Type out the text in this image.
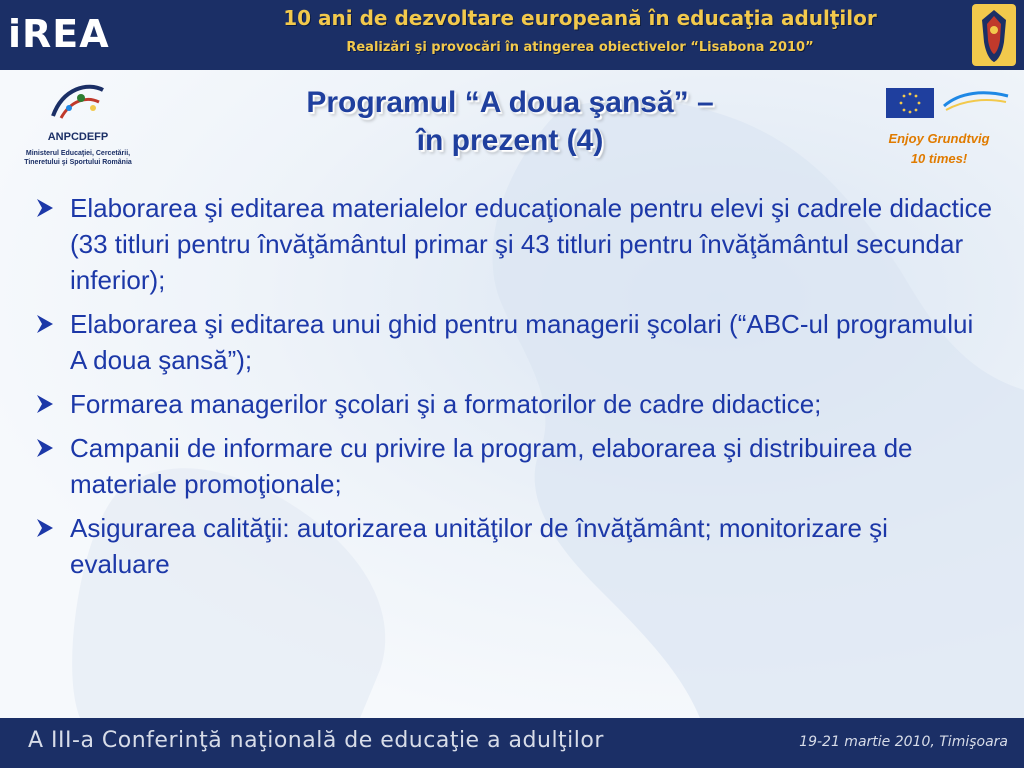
iREA	10 ani de dezvoltare europeană în educaţia adulţilor
Realizări şi provocări în atingerea obiectivelor “Lisabona 2010”
ANPCDEFP
Ministerul Educaţiei, Cercetării, Tineretului şi Sportului România
Programul “A doua şansă” –
în prezent (4)	Enjoy Grundtvig
10 times!
Elaborarea şi editarea materialelor educaţionale pentru elevi şi cadrele didactice (33 titluri pentru învăţământul primar şi 43 titluri pentru învăţământul secundar inferior);
Elaborarea şi editarea unui ghid pentru managerii şcolari (“ABC-ul programului A doua şansă”);
Formarea managerilor şcolari şi a formatorilor de cadre didactice;
Campanii de informare cu privire la program, elaborarea şi distribuirea de materiale promoţionale;
Asigurarea calităţii: autorizarea unităţilor de învăţământ; monitorizare şi evaluare
A III-a Conferinţă naţională de educaţie a adulţilor	19-21 martie 2010, Timişoara
